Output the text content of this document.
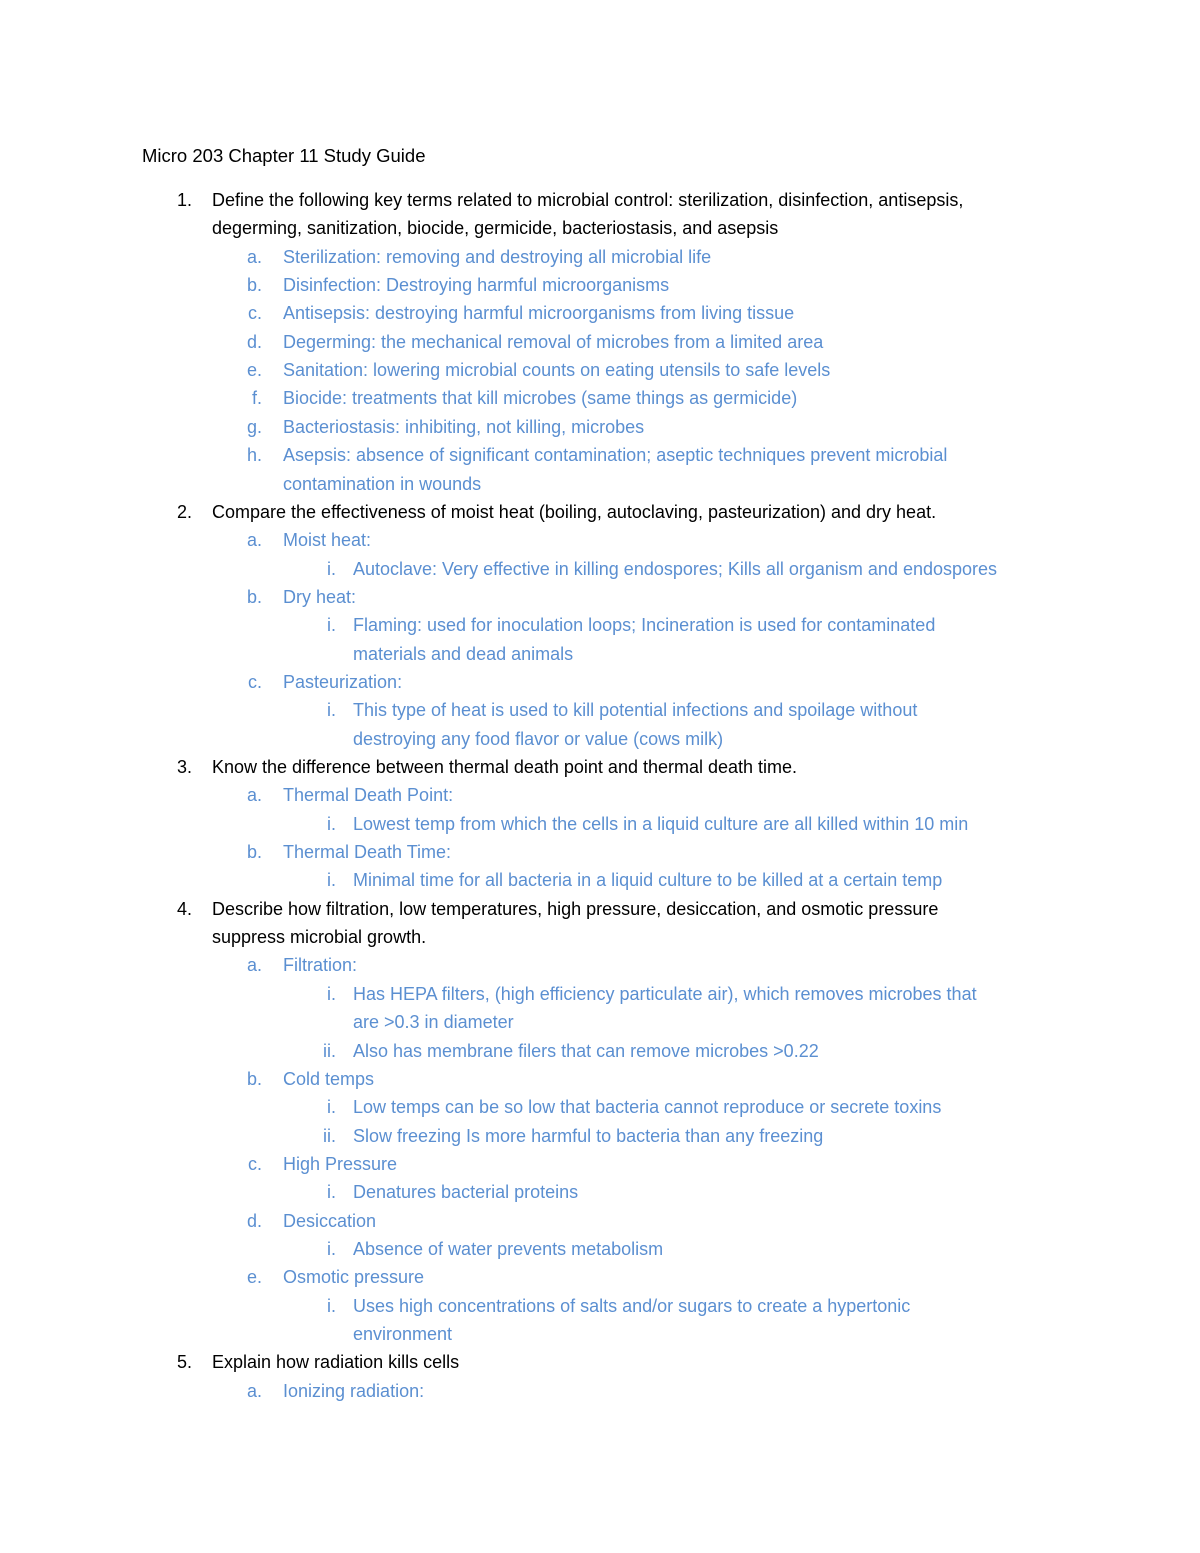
Micro 203 Chapter 11 Study Guide
1. Define the following key terms related to microbial control: sterilization, disinfection, antisepsis,
degerming, sanitization, biocide, germicide, bacteriostasis, and asepsis
a. Sterilization: removing and destroying all microbial life
b. Disinfection: Destroying harmful microorganisms
c. Antisepsis: destroying harmful microorganisms from living tissue
d. Degerming: the mechanical removal of microbes from a limited area
e. Sanitation: lowering microbial counts on eating utensils to safe levels
f. Biocide: treatments that kill microbes (same things as germicide)
g. Bacteriostasis: inhibiting, not killing, microbes
h. Asepsis: absence of significant contamination; aseptic techniques prevent microbial
contamination in wounds
2. Compare the effectiveness of moist heat (boiling, autoclaving, pasteurization) and dry heat.
a. Moist heat:
i. Autoclave: Very effective in killing endospores; Kills all organism and endospores
b. Dry heat:
i. Flaming: used for inoculation loops; Incineration is used for contaminated
materials and dead animals
c. Pasteurization:
i. This type of heat is used to kill potential infections and spoilage without
destroying any food flavor or value (cows milk)
3. Know the difference between thermal death point and thermal death time.
a. Thermal Death Point:
i. Lowest temp from which the cells in a liquid culture are all killed within 10 min
b. Thermal Death Time:
i. Minimal time for all bacteria in a liquid culture to be killed at a certain temp
4. Describe how filtration, low temperatures, high pressure, desiccation, and osmotic pressure
suppress microbial growth.
a. Filtration:
i. Has HEPA filters, (high efficiency particulate air), which removes microbes that
are >0.3 in diameter
ii. Also has membrane filers that can remove microbes >0.22
b. Cold temps
i. Low temps can be so low that bacteria cannot reproduce or secrete toxins
ii. Slow freezing Is more harmful to bacteria than any freezing
c. High Pressure
i. Denatures bacterial proteins
d. Desiccation
i. Absence of water prevents metabolism
e. Osmotic pressure
i. Uses high concentrations of salts and/or sugars to create a hypertonic
environment
5. Explain how radiation kills cells
a. Ionizing radiation:
